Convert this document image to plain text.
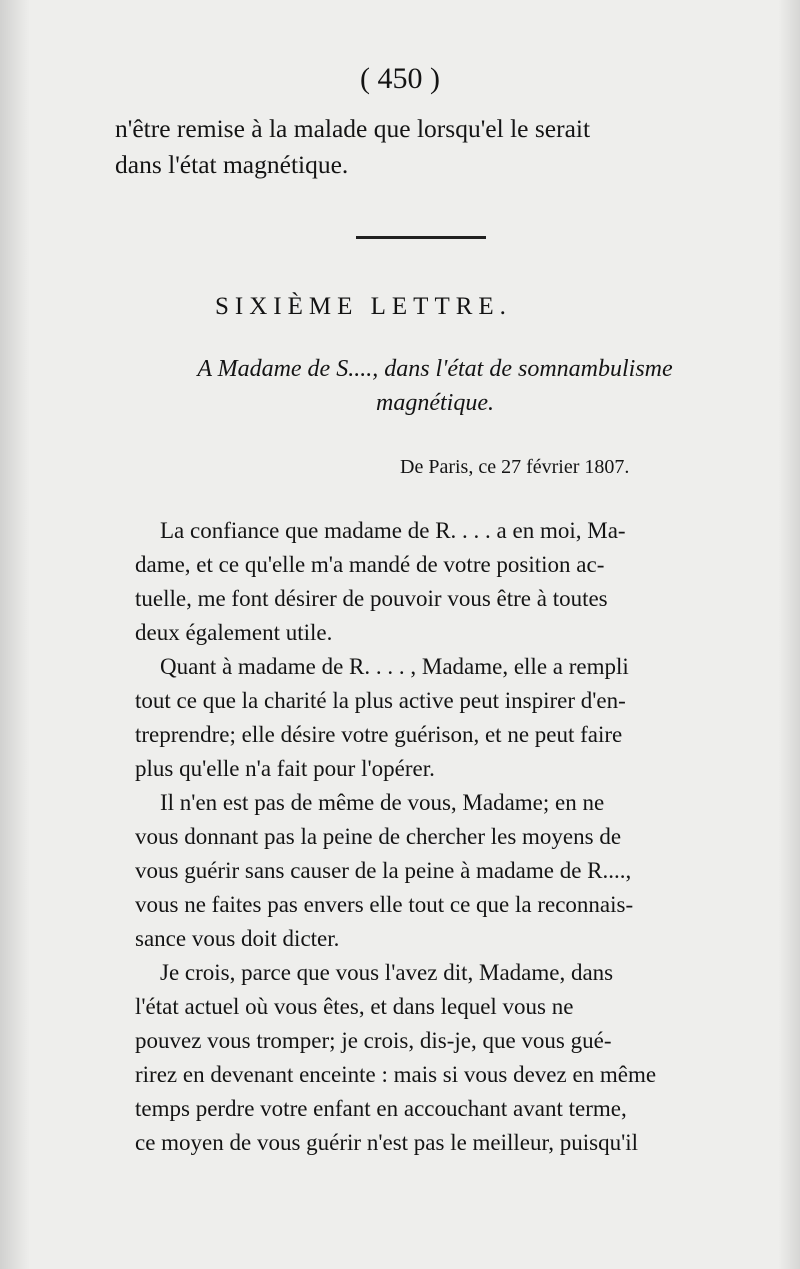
( 450 )
n'être remise à la malade que lorsqu'el le serait
dans l'état magnétique.
SIXIÈME LETTRE.
A Madame de S...., dans l'état de somnambulisme
magnétique.
De Paris, ce 27 février 1807.
La confiance que madame de R. . . . a en moi, Ma-
dame, et ce qu'elle m'a mandé de votre position ac-
tuelle, me font désirer de pouvoir vous être à toutes
deux également utile.
Quant à madame de R. . . . , Madame, elle a rempli
tout ce que la charité la plus active peut inspirer d'en-
treprendre; elle désire votre guérison, et ne peut faire
plus qu'elle n'a fait pour l'opérer.
Il n'en est pas de même de vous, Madame; en ne
vous donnant pas la peine de chercher les moyens de
vous guérir sans causer de la peine à madame de R....,
vous ne faites pas envers elle tout ce que la reconnais-
sance vous doit dicter.
Je crois, parce que vous l'avez dit, Madame, dans
l'état actuel où vous êtes, et dans lequel vous ne
pouvez vous tromper; je crois, dis-je, que vous gué-
rirez en devenant enceinte : mais si vous devez en même
temps perdre votre enfant en accouchant avant terme,
ce moyen de vous guérir n'est pas le meilleur, puisqu'il
